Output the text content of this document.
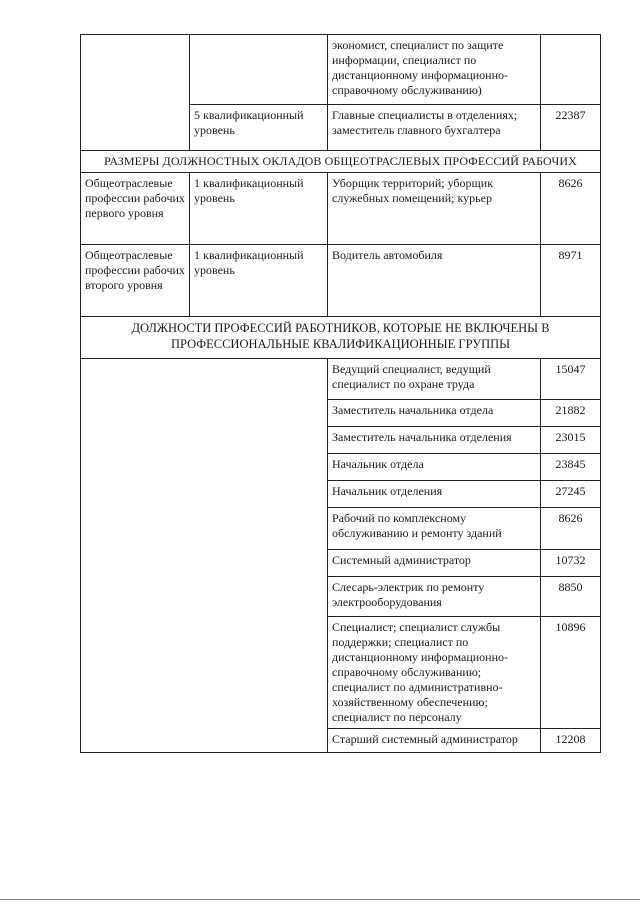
		экономист, специалист по защите информации, специалист по дистанционному информационно-справочному обслуживанию)	
	5 квалификационный уровень	Главные специалисты в отделениях; заместитель главного бухгалтера	22387
РАЗМЕРЫ ДОЛЖНОСТНЫХ ОКЛАДОВ ОБЩЕОТРАСЛЕВЫХ ПРОФЕССИЙ РАБОЧИХ			
Общеотраслевые профессии рабочих первого уровня	1 квалификационный уровень	Уборщик территорий; уборщик служебных помещений; курьер	8626
Общеотраслевые профессии рабочих второго уровня	1 квалификационный уровень	Водитель автомобиля	8971
ДОЛЖНОСТИ ПРОФЕССИЙ РАБОТНИКОВ, КОТОРЫЕ НЕ ВКЛЮЧЕНЫ В ПРОФЕССИОНАЛЬНЫЕ КВАЛИФИКАЦИОННЫЕ ГРУППЫ			
		Ведущий специалист, ведущий специалист по охране труда	15047
		Заместитель начальника отдела	21882
		Заместитель начальника отделения	23015
		Начальник отдела	23845
		Начальник отделения	27245
		Рабочий по комплексному обслуживанию и ремонту зданий	8626
		Системный администратор	10732
		Слесарь-электрик по ремонту электрооборудования	8850
		Специалист; специалист службы поддержки; специалист по дистанционному информационно-справочному обслуживанию; специалист по административно-хозяйственному обеспечению; специалист по персоналу	10896
		Старший системный администратор	12208
